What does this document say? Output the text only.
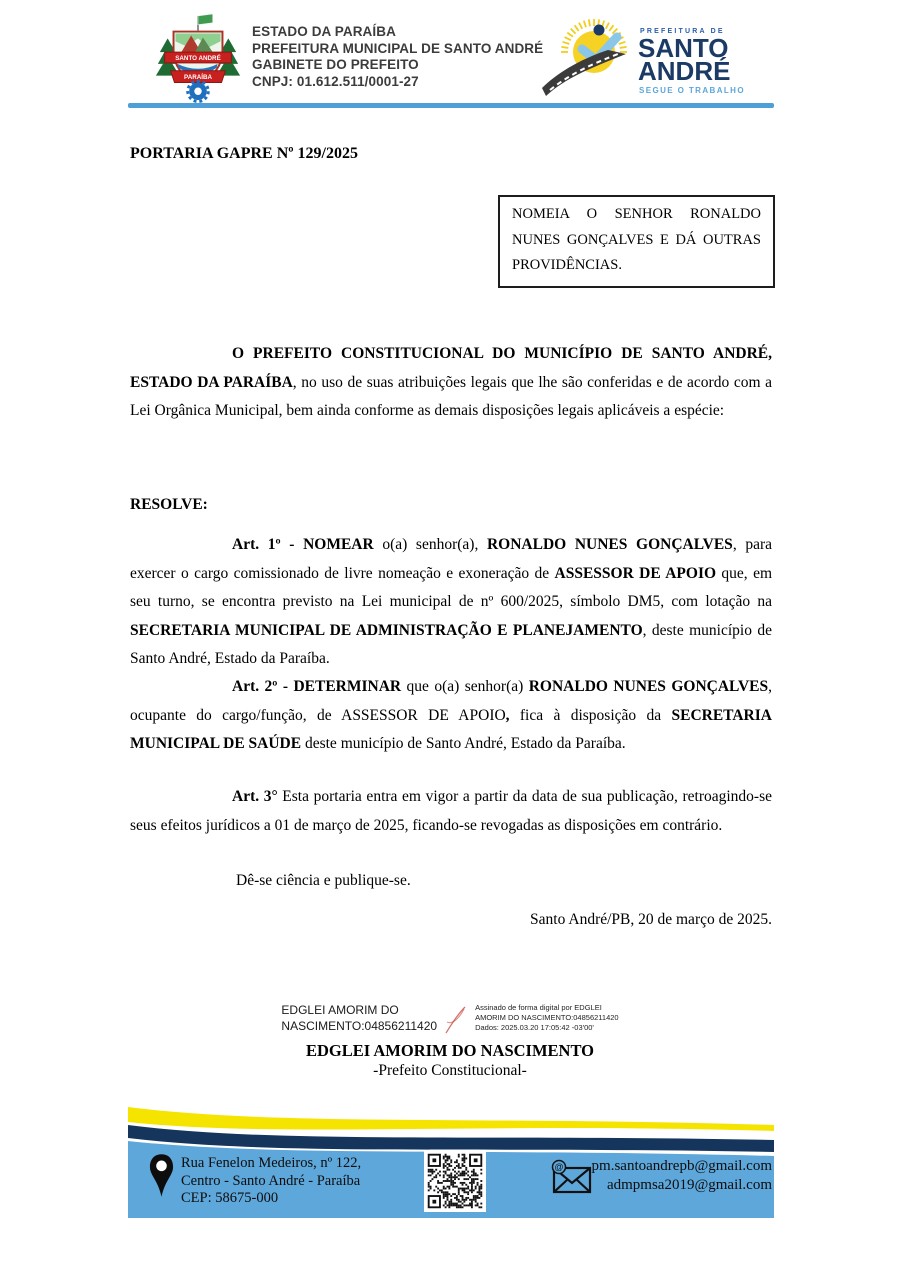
SANTO ANDRÉ
PARAÍBA
ESTADO DA PARAÍBA
PREFEITURA MUNICIPAL DE SANTO ANDRÉ
GABINETE DO PREFEITO
CNPJ: 01.612.511/0001-27
PREFEITURA DE
SANTO
ANDRÉ
SEGUE O TRABALHO
PORTARIA GAPRE Nº 129/2025
NOMEIA O SENHOR RONALDO NUNES GONÇALVES E DÁ OUTRAS PROVIDÊNCIAS.
O PREFEITO CONSTITUCIONAL DO MUNICÍPIO DE SANTO ANDRÉ, ESTADO DA PARAÍBA, no uso de suas atribuições legais que lhe são conferidas e de acordo com a Lei Orgânica Municipal, bem ainda conforme as demais disposições legais aplicáveis a espécie:
RESOLVE:
Art. 1º - NOMEAR o(a) senhor(a), RONALDO NUNES GONÇALVES, para exercer o cargo comissionado de livre nomeação e exoneração de ASSESSOR DE APOIO que, em seu turno, se encontra previsto na Lei municipal de nº 600/2025, símbolo DM5, com lotação na SECRETARIA MUNICIPAL DE ADMINISTRAÇÃO E PLANEJAMENTO, deste município de Santo André, Estado da Paraíba.
Art. 2º - DETERMINAR que o(a) senhor(a) RONALDO NUNES GONÇALVES, ocupante do cargo/função, de ASSESSOR DE APOIO, fica à disposição da SECRETARIA MUNICIPAL DE SAÚDE deste município de Santo André, Estado da Paraíba.
Art. 3° Esta portaria entra em vigor a partir da data de sua publicação, retroagindo-se seus efeitos jurídicos a 01 de março de 2025, ficando-se revogadas as disposições em contrário.
Dê-se ciência e publique-se.
Santo André/PB, 20 de março de 2025.
EDGLEI AMORIM DO
NASCIMENTO:04856211420
Assinado de forma digital por EDGLEI
AMORIM DO NASCIMENTO:04856211420
Dados: 2025.03.20 17:05:42 -03'00'
EDGLEI AMORIM DO NASCIMENTO
-Prefeito Constitucional-
Rua Fenelon Medeiros, nº 122,
Centro - Santo André - Paraíba
CEP: 58675-000
@ pm.santoandrepb@gmail.com
admpmsa2019@gmail.com
